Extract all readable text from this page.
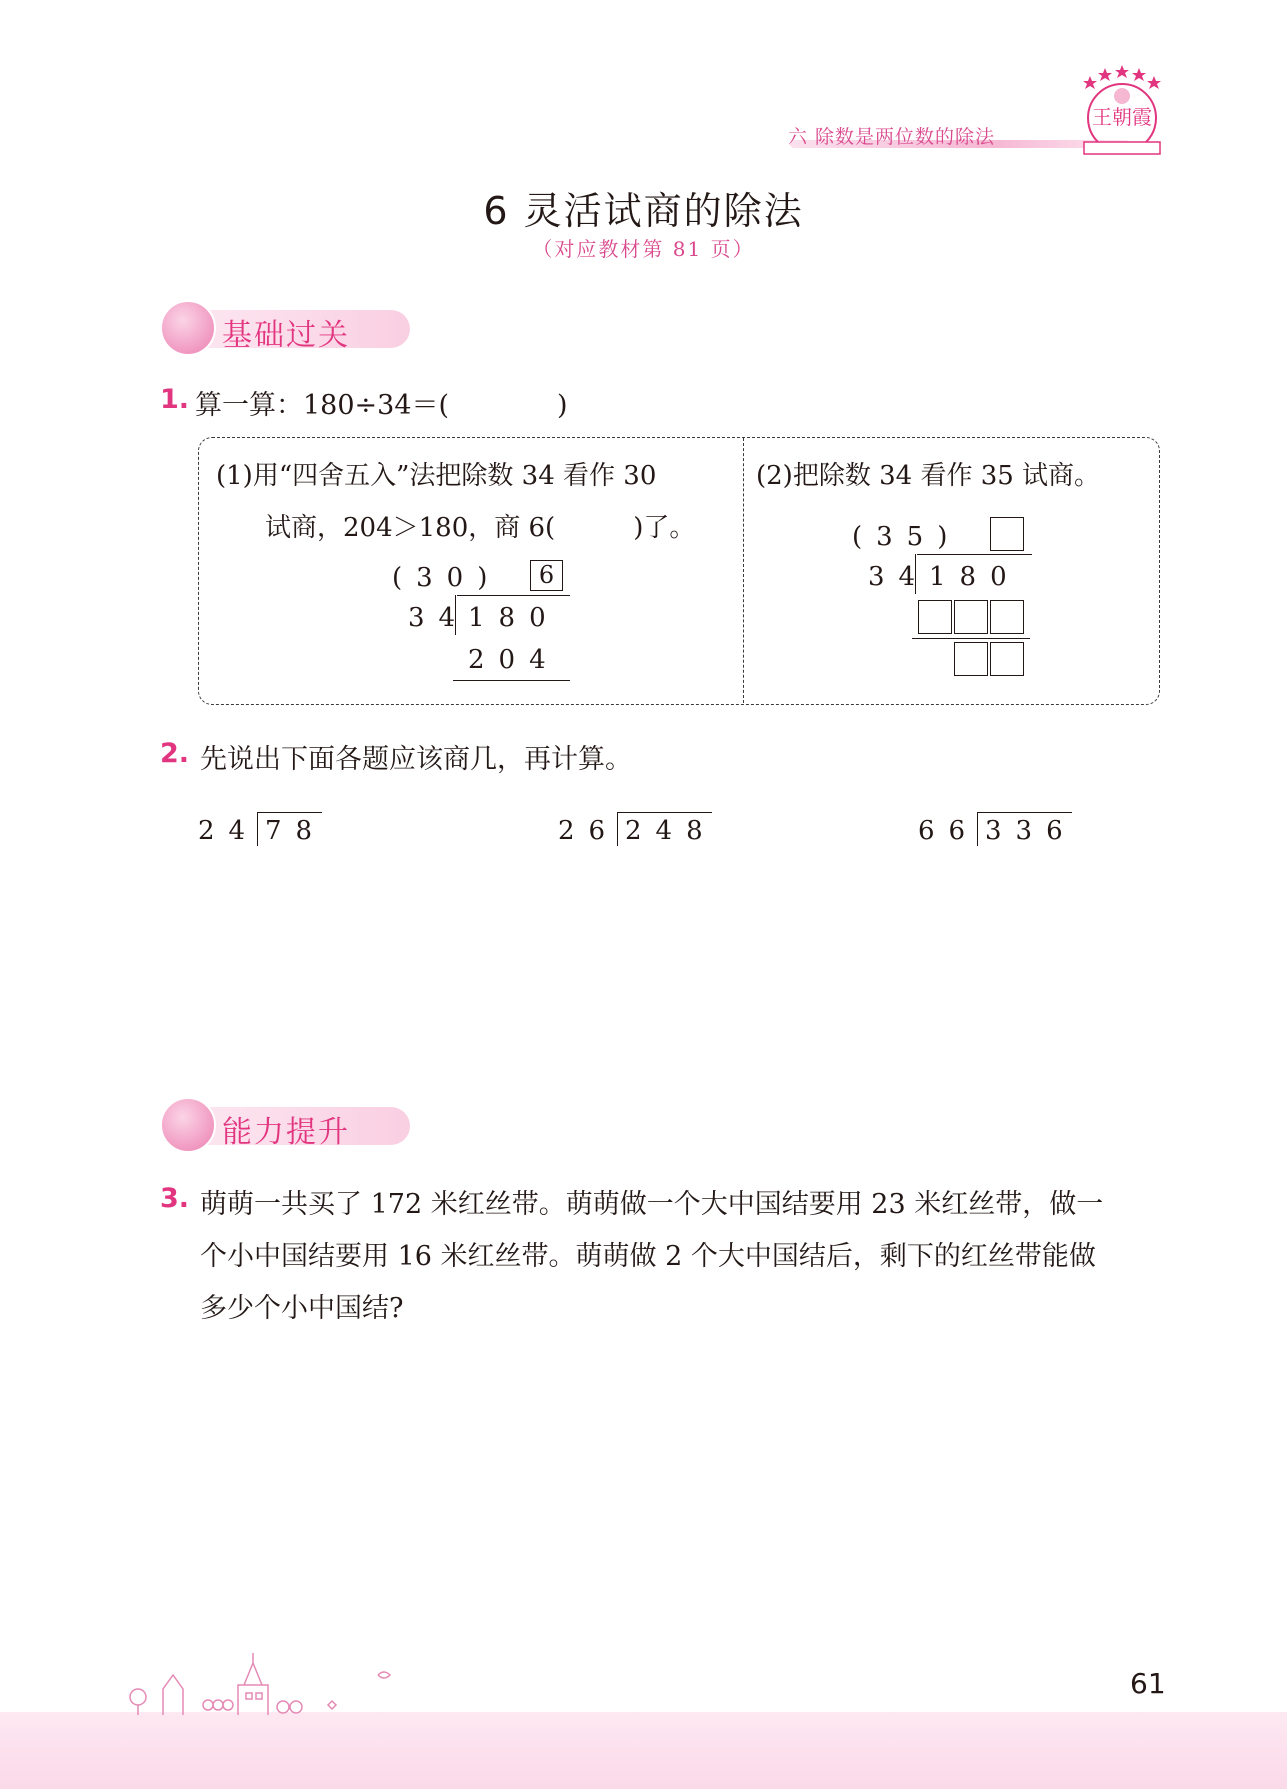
六 除数是两位数的除法
王朝霞
6 灵活试商的除法
（对应教材第 81 页）
基础过关
1. 算一算：180÷34＝(　　　　)
(1)用“四舍五入”法把除数 34 看作 30
试商，204＞180，商 6(　　　)了。
(30)	6
34
180
204
(2)把除数 34 看作 35 试商。
(35)
34 180
2. 先说出下面各题应该商几，再计算。
24 78	26 248	66 336
能力提升
3. 萌萌一共买了 172 米红丝带。萌萌做一个大中国结要用 23 米红丝带，做一
个小中国结要用 16 米红丝带。萌萌做 2 个大中国结后，剩下的红丝带能做
多少个小中国结?
61
